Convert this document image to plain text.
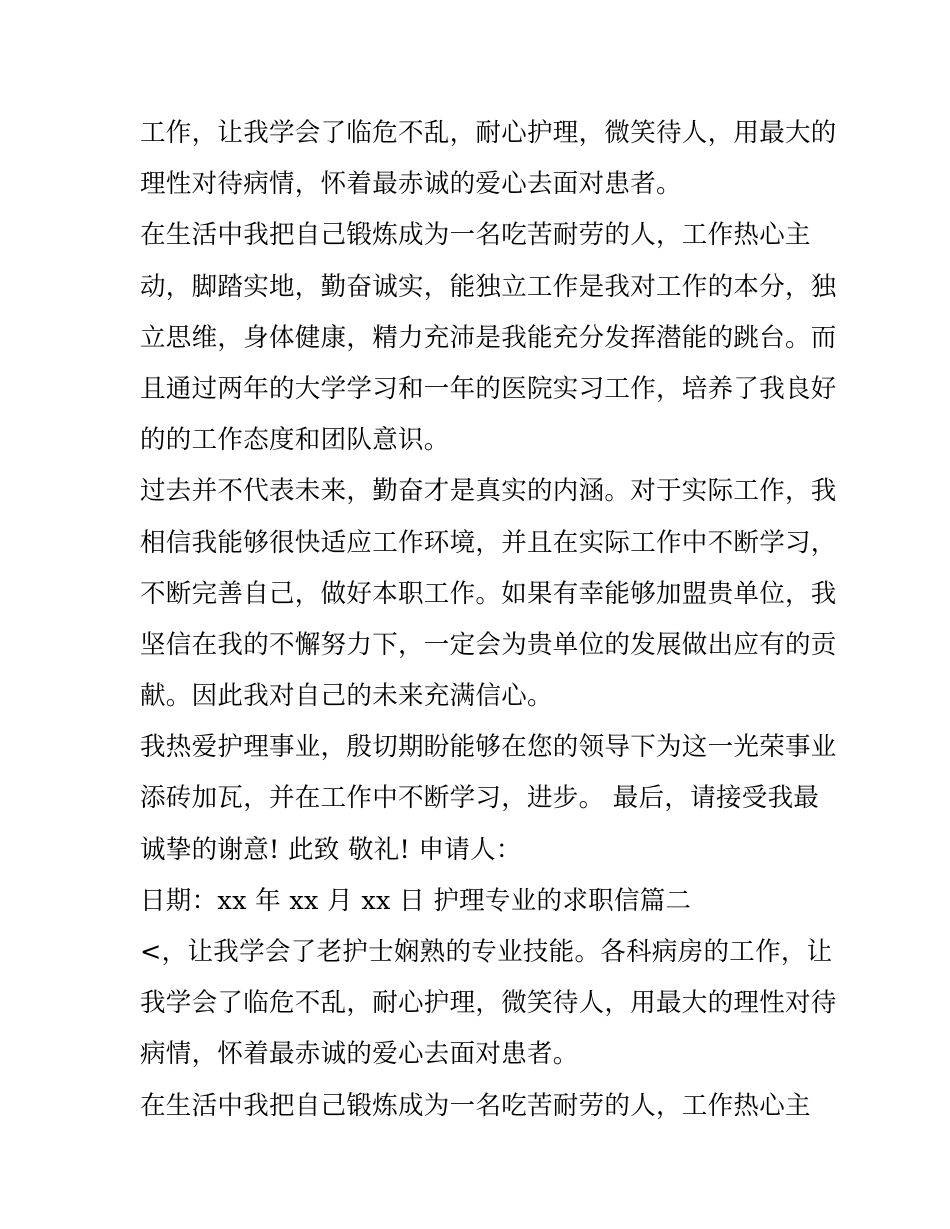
工作，让我学会了临危不乱，耐心护理，微笑待人，用最大的
理性对待病情，怀着最赤诚的爱心去面对患者。
在生活中我把自己锻炼成为一名吃苦耐劳的人，工作热心主
动，脚踏实地，勤奋诚实，能独立工作是我对工作的本分，独
立思维，身体健康，精力充沛是我能充分发挥潜能的跳台。而
且通过两年的大学学习和一年的医院实习工作，培养了我良好
的的工作态度和团队意识。
过去并不代表未来，勤奋才是真实的内涵。对于实际工作，我
相信我能够很快适应工作环境，并且在实际工作中不断学习，
不断完善自己，做好本职工作。如果有幸能够加盟贵单位，我
坚信在我的不懈努力下，一定会为贵单位的发展做出应有的贡
献。因此我对自己的未来充满信心。
我热爱护理事业，殷切期盼能够在您的领导下为这一光荣事业
添砖加瓦，并在工作中不断学习，进步。 最后，请接受我最
诚挚的谢意! 此致 敬礼! 申请人：
日期：xx 年 xx 月 xx 日 护理专业的求职信篇二
<，让我学会了老护士娴熟的专业技能。各科病房的工作，让
我学会了临危不乱，耐心护理，微笑待人，用最大的理性对待
病情，怀着最赤诚的爱心去面对患者。
在生活中我把自己锻炼成为一名吃苦耐劳的人，工作热心主
